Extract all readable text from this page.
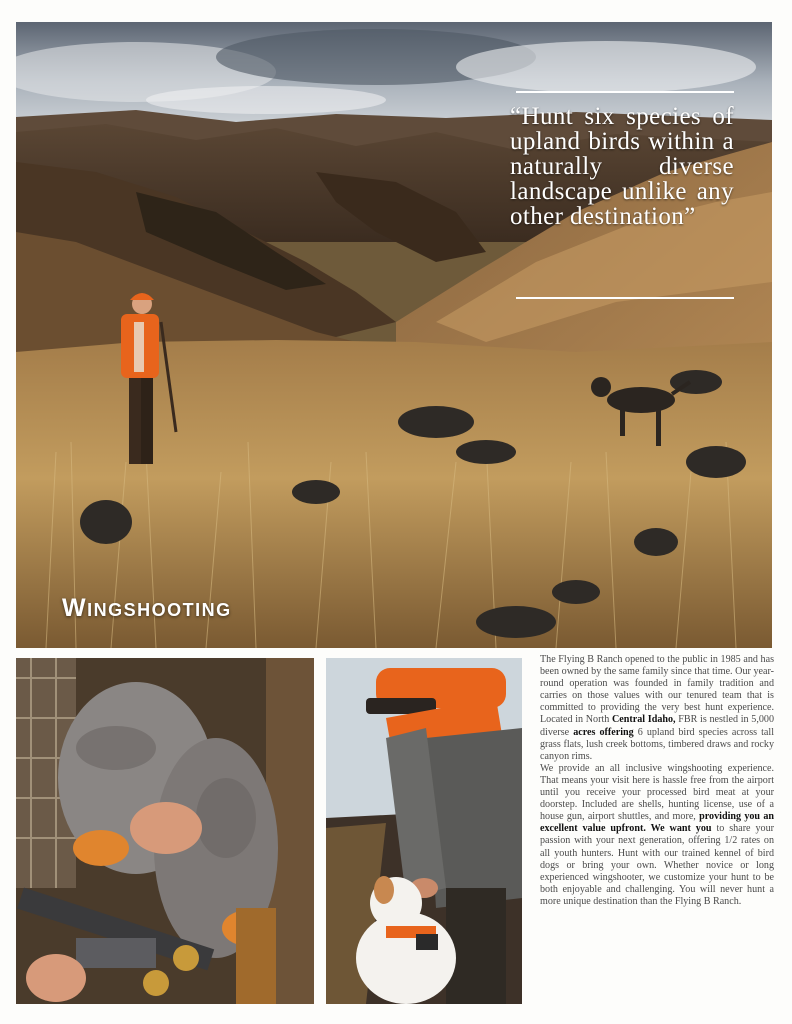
“Hunt six species of upland birds within a naturally diverse landscape unlike any other destination”
Wingshooting

The Flying B Ranch opened to the public in 1985 and has been owned by the same family since that time. Our year-round operation was founded in family tradition and carries on those values with our tenured team that is committed to providing the very best hunt experience. Located in North Central Idaho, FBR is nestled in 5,000 diverse acres offering 6 upland bird species across tall grass flats, lush creek bottoms, timbered draws and rocky canyon rims.

We provide an all inclusive wingshooting experience. That means your visit here is hassle free from the airport until you receive your processed bird meat at your doorstep. Included are shells, hunting license, use of a house gun, airport shuttles, and more, providing you an excellent value upfront. We want you to share your passion with your next generation, offering 1/2 rates on all youth hunters. Hunt with our trained kennel of bird dogs or bring your own. Whether novice or long experienced wingshooter, we customize your hunt to be both enjoyable and challenging. You will never hunt a more unique destination than the Flying B Ranch.
